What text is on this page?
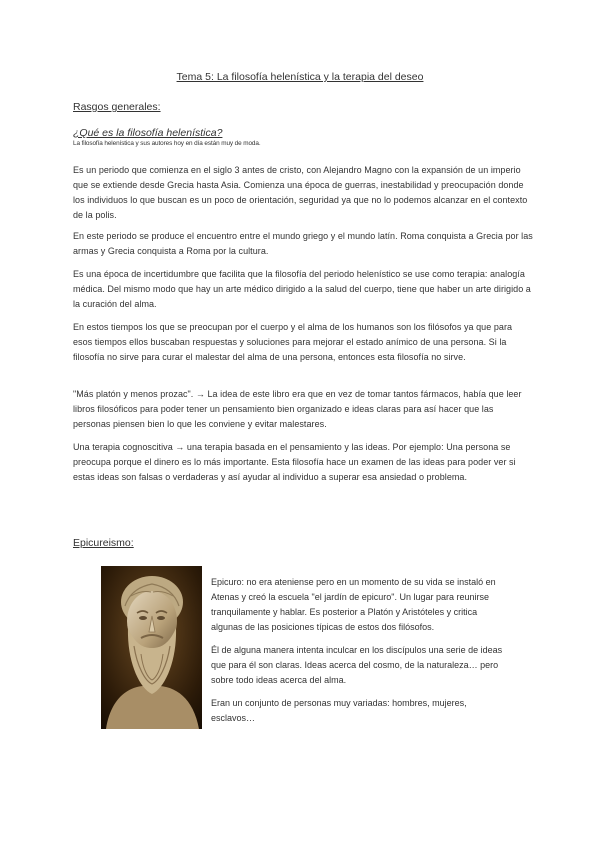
Tema 5: La filosofía helenística y la terapia del deseo
Rasgos generales:
¿Qué es la filosofía helenística?
La filosofía helenística y sus autores hoy en día están muy de moda.
Es un periodo que comienza en el siglo 3 antes de cristo, con Alejandro Magno con la expansión de un imperio que se extiende desde Grecia hasta Asia. Comienza una época de guerras, inestabilidad y preocupación donde los individuos lo que buscan es un poco de orientación, seguridad ya que no lo podemos alcanzar en el contexto de la polis.
En este periodo se produce el encuentro entre el mundo griego y el mundo latín. Roma conquista a Grecia por las armas y Grecia conquista a Roma por la cultura.
Es una época de incertidumbre que facilita que la filosofía del periodo helenístico se use como terapia: analogía médica. Del mismo modo que hay un arte médico dirigido a la salud del cuerpo, tiene que haber un arte dirigido a la curación del alma.
En estos tiempos los que se preocupan por el cuerpo y el alma de los humanos son los filósofos ya que para esos tiempos ellos buscaban respuestas y soluciones para mejorar el estado anímico de una persona. Si la filosofía no sirve para curar el malestar del alma de una persona, entonces esta filosofía no sirve.
"Más platón y menos prozac". → La idea de este libro era que en vez de tomar tantos fármacos, había que leer libros filosóficos para poder tener un pensamiento bien organizado e ideas claras para así hacer que las personas piensen bien lo que les conviene y evitar malestares.
Una terapia cognoscitiva → una terapia basada en el pensamiento y las ideas. Por ejemplo: Una persona se preocupa porque el dinero es lo más importante. Esta filosofía hace un examen de las ideas para poder ver si estas ideas son falsas o verdaderas y así ayudar al individuo a superar esa ansiedad o problema.
Epicureismo:
Epicuro: no era ateniense pero en un momento de su vida se instaló en Atenas y creó la escuela "el jardín de epicuro". Un lugar para reunirse tranquilamente y hablar. Es posterior a Platón y Aristóteles y critica algunas de las posiciones típicas de estos dos filósofos.
Él de alguna manera intenta inculcar en los discípulos una serie de ideas que para él son claras. Ideas acerca del cosmo, de la naturaleza… pero sobre todo ideas acerca del alma.
Eran un conjunto de personas muy variadas: hombres, mujeres, esclavos…
